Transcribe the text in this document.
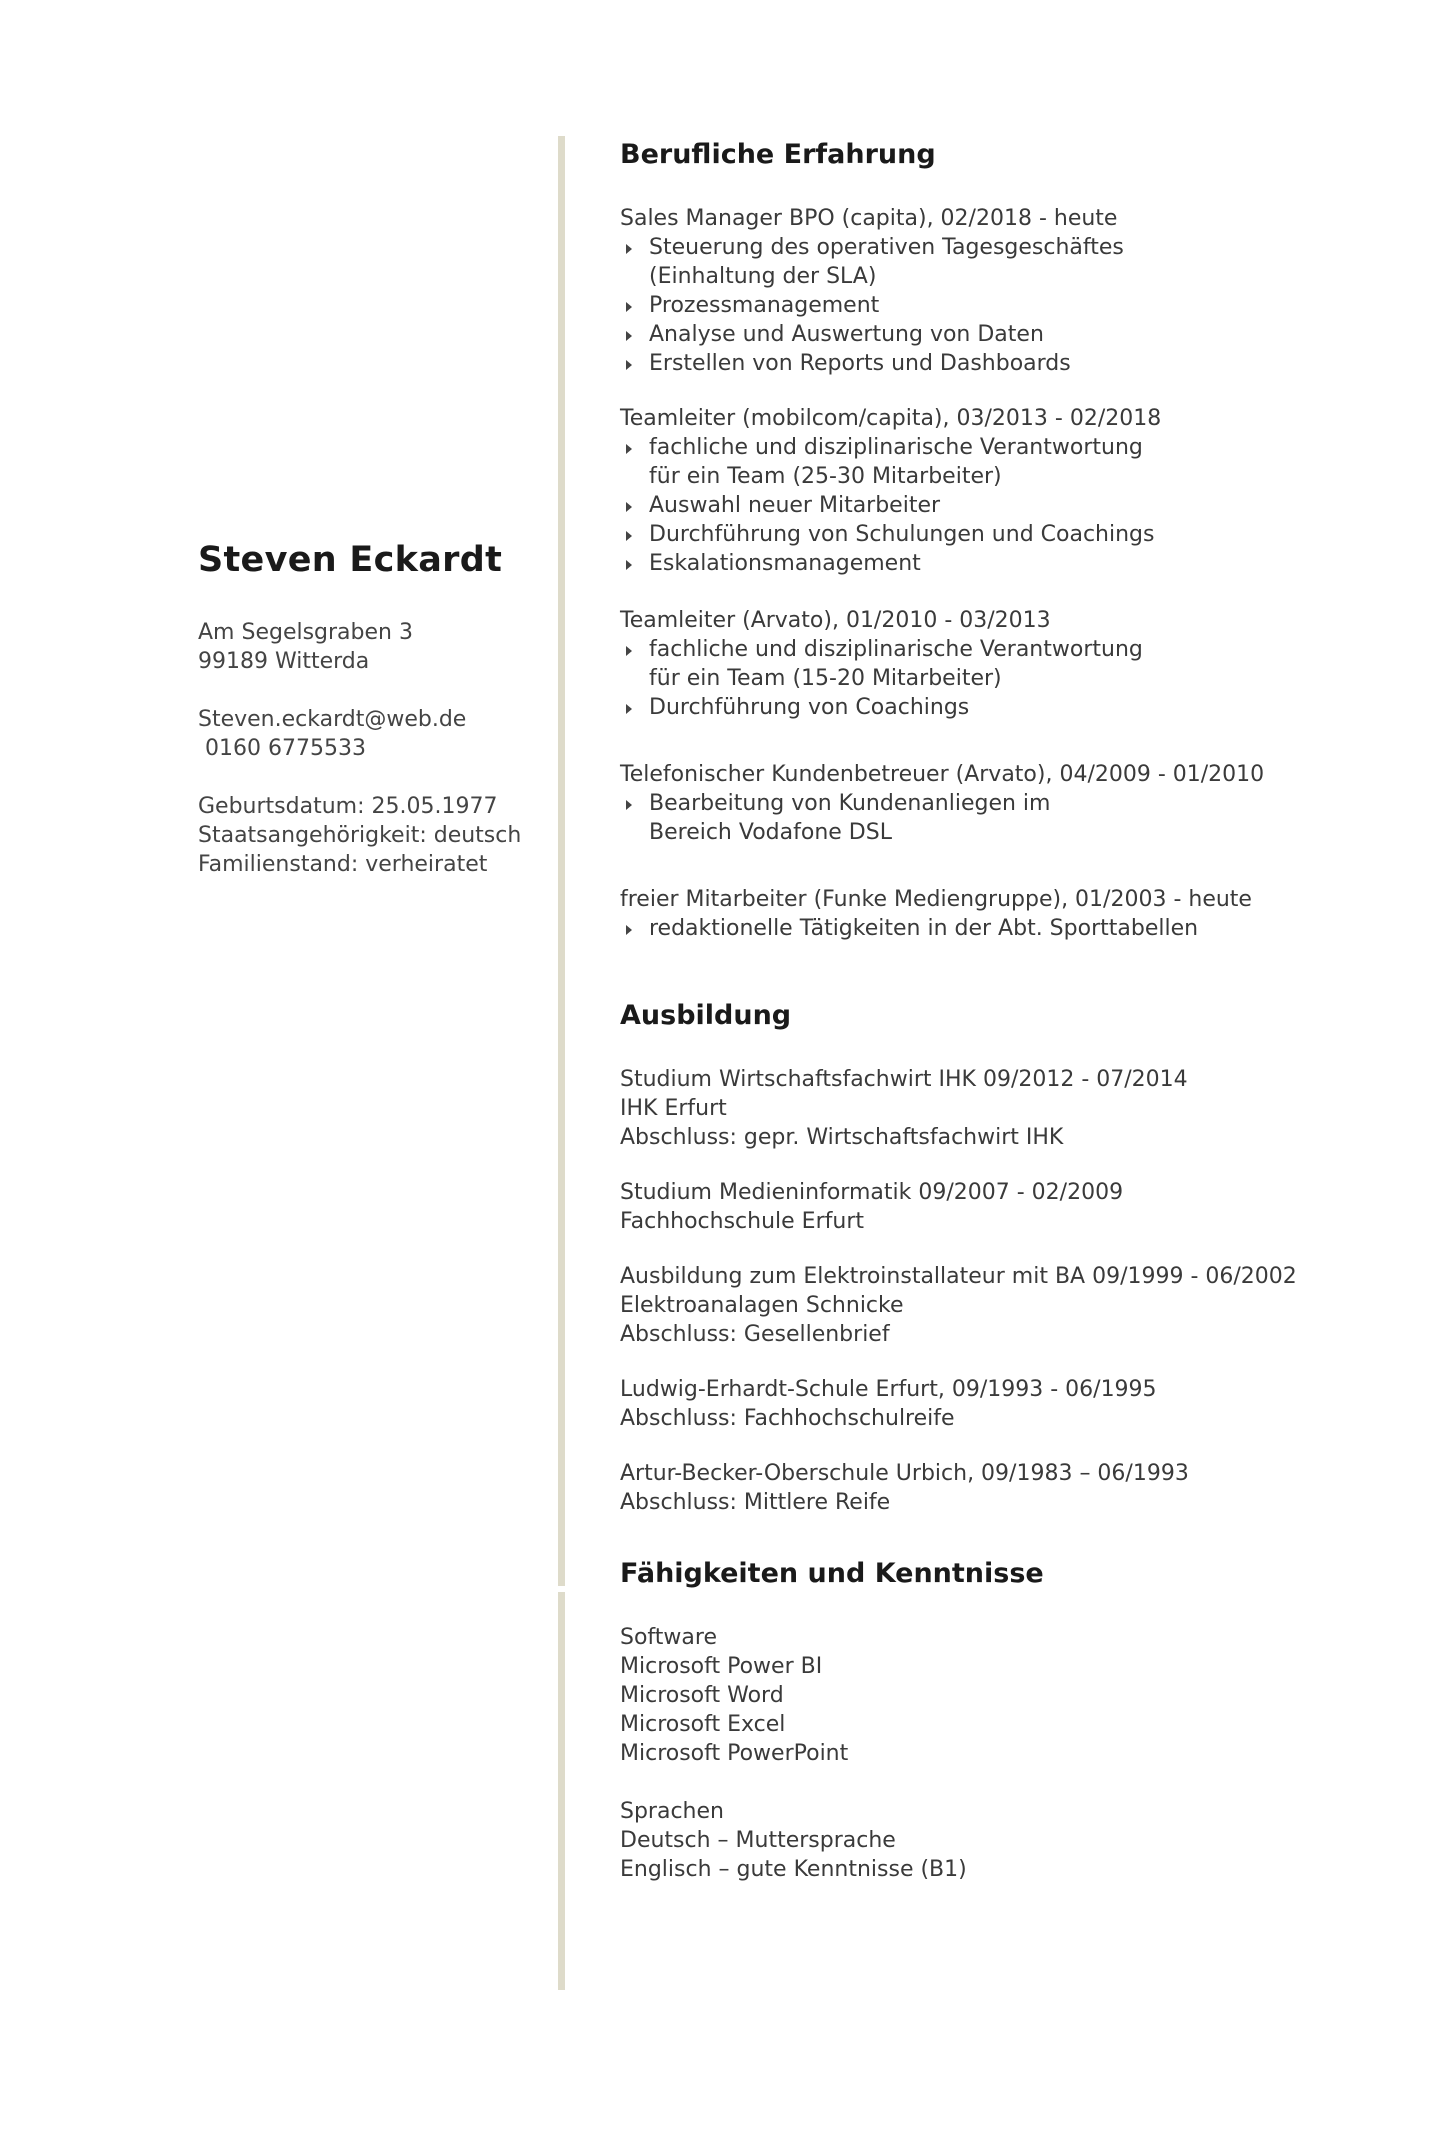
Steven Eckardt

Am Segelsgraben 3

99189 Witterda

Steven.eckardt@web.de

0160 6775533

Geburtsdatum: 25.05.1977

Staatsangehörigkeit: deutsch

Familienstand: verheiratet

Berufliche Erfahrung

Sales Manager BPO (capita), 02/2018 - heute

Steuerung des operativen Tagesgeschäftes
(Einhaltung der SLA)
Prozessmanagement
Analyse und Auswertung von Daten
Erstellen von Reports und Dashboards

Teamleiter (mobilcom/capita), 03/2013 - 02/2018

fachliche und disziplinarische Verantwortung
für ein Team (25-30 Mitarbeiter)
Auswahl neuer Mitarbeiter
Durchführung von Schulungen und Coachings
Eskalationsmanagement

Teamleiter (Arvato), 01/2010 - 03/2013

fachliche und disziplinarische Verantwortung
für ein Team (15-20 Mitarbeiter)
Durchführung von Coachings

Telefonischer Kundenbetreuer (Arvato), 04/2009 - 01/2010

Bearbeitung von Kundenanliegen im
Bereich Vodafone DSL

freier Mitarbeiter (Funke Mediengruppe), 01/2003 - heute

redaktionelle Tätigkeiten in der Abt. Sporttabellen
Ausbildung

Studium Wirtschaftsfachwirt IHK 09/2012 - 07/2014

IHK Erfurt

Abschluss: gepr. Wirtschaftsfachwirt IHK

Studium Medieninformatik 09/2007 - 02/2009

Fachhochschule Erfurt

Ausbildung zum Elektroinstallateur mit BA 09/1999 - 06/2002

Elektroanalagen Schnicke

Abschluss: Gesellenbrief

Ludwig-Erhardt-Schule Erfurt, 09/1993 - 06/1995

Abschluss: Fachhochschulreife

Artur-Becker-Oberschule Urbich, 09/1983 – 06/1993

Abschluss: Mittlere Reife

Fähigkeiten und Kenntnisse

Software

Microsoft Power BI

Microsoft Word

Microsoft Excel

Microsoft PowerPoint

Sprachen

Deutsch – Muttersprache

Englisch – gute Kenntnisse (B1)
